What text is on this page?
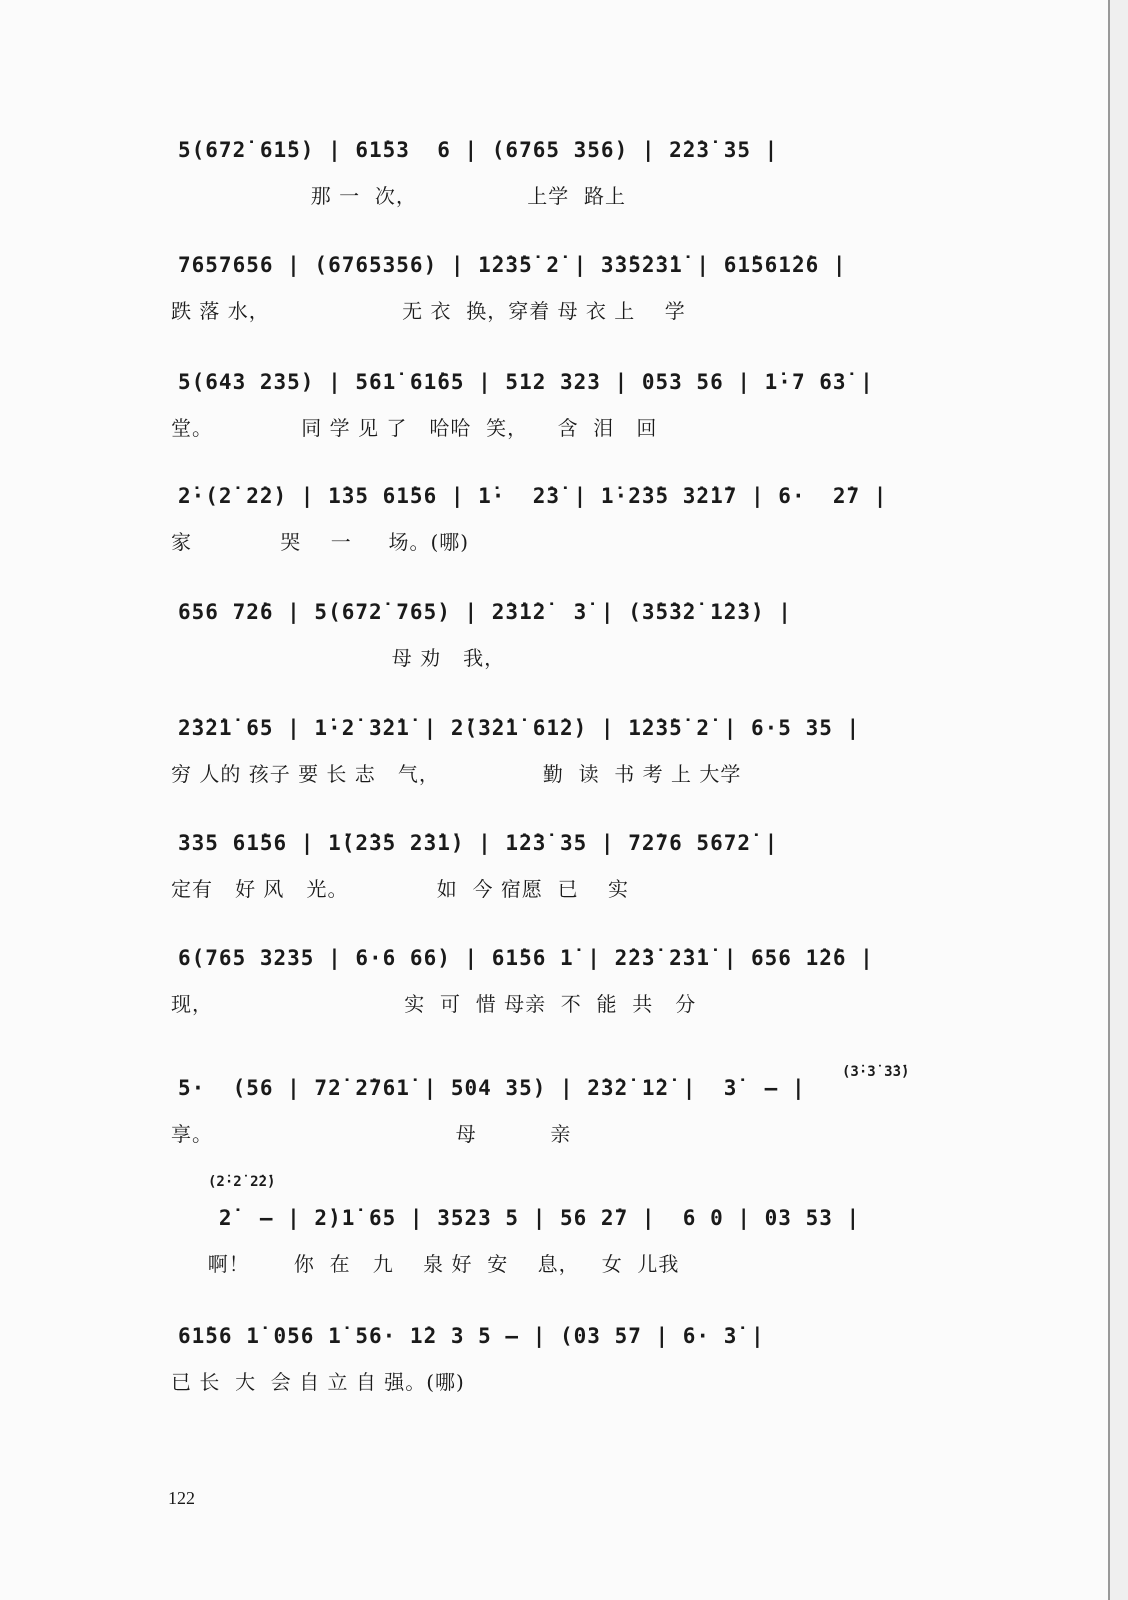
5(672̇ 61̇5) | 61̇53  6 | (6765 356) | 2̇2̇3̇ 35 |
那 一  次，               上学  路上
7657656 | (6765356) | 1̇2̇3̇5̇ 2̇ | 3̇3̇5̇2̇3̇1̇ | 61̇561̇2̇6 |
跌 落 水，                  无 衣  换，穿着 母 衣 上    学
5(643 235) | 561̇ 61̇65 | 512 323 | 053 56 | 1̇·7 63̇ |
堂。            同 学 见 了   哈哈  笑，    含  泪   回
2̇·(2̇ 2̇2̇) | 1̇35 61̇56 | 1̇·  2̇3̇ | 1̇·2̇3̇5 3̇2̇1̇7 | 6·  2̇7 |
家            哭    一     场。(哪)
656 72̇6 | 5(672̇ 765) | 2̇3̇1̇2̇  3̇ | (3̇5̇3̇2̇ 1̇2̇3̇) |
母 劝   我，
2̇3̇2̇1̇ 65 | 1̇·2̇ 3̇2̇1̇ | 2̇(3̇2̇1̇ 61̇2̇) | 1̇2̇3̇5̇ 2̇ | 6·5 35 |
穷 人的 孩子 要 长 志   气，              勤  读  书 考 上 大学
335 61̇56 | 1̇(2̇3̇5 2̇3̇1̇) | 1̇2̇3̇ 35 | 72̇76 5672̇ |
定有   好 风   光。            如  今 宿愿  已    实
6(765 3235 | 6·6 66) | 61̇56 1̇ | 2̇2̇3̇ 2̇3̇1̇ | 656 1̇2̇6 |
现，                          实  可  惜 母亲  不  能  共   分
(3̇·3̇ 3̇3̇)
5·  (56 | 72̇ 2̇761̇ | 504 35) | 2̇3̇2̇ 1̇2̇ |  3̇  — |
享。                                 母          亲
(2̇·2̇ 2̇2̇)
2̇  — | 2̇)1̇ 65 | 3523 5 | 56 2̇7 |  6 0 | 03 53 |
啊！      你  在   九    泉 好  安    息，   女  儿我
61̇56 1̇ 056 1̇ 56· 1̇2 3 5 — | (03 57 | 6· 3̇ |
已 长  大  会 自 立 自 强。(哪)
122
